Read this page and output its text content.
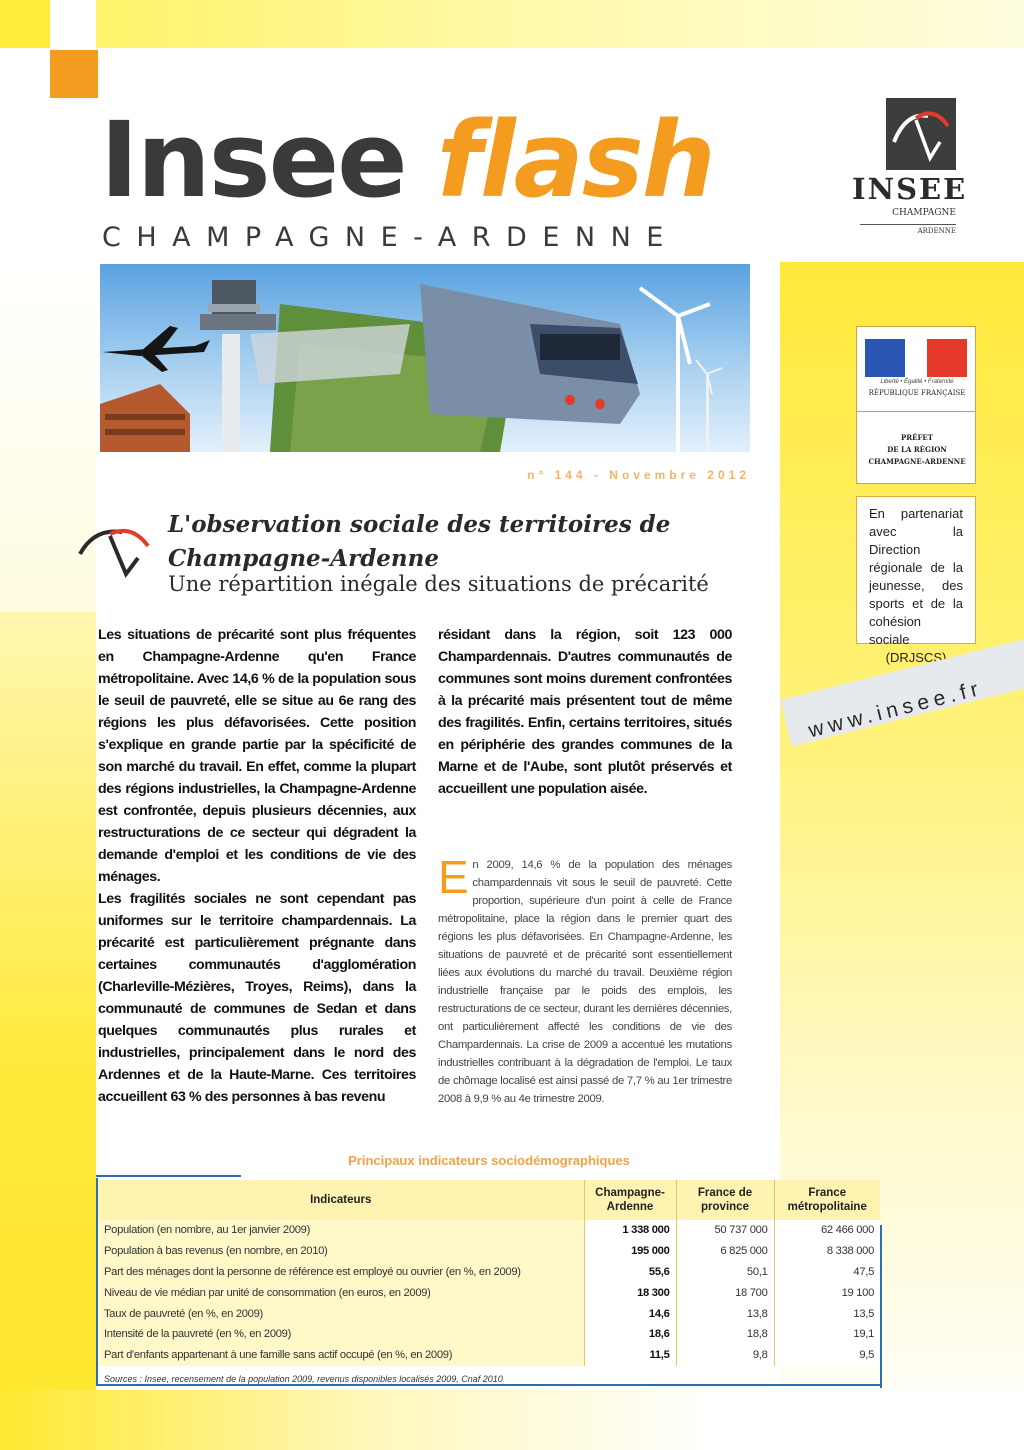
Insee flash
CHAMPAGNE-ARDENNE
INSEE
CHAMPAGNE
ARDENNE
n° 144 - Novembre 2012
Liberté • Égalité • Fraternité
RÉPUBLIQUE FRANÇAISE
PRÉFET
DE LA RÉGION
CHAMPAGNE-ARDENNE
En partenariat avec la Direction régionale de la jeunesse, des sports et de la cohésion sociale (DRJSCS)
www.insee.fr
L'observation sociale des territoires de Champagne-Ardenne
Une répartition inégale des situations de précarité

Les situations de précarité sont plus fréquentes en Champagne-Ardenne qu'en France métropolitaine. Avec 14,6 % de la population sous le seuil de pauvreté, elle se situe au 6e rang des régions les plus défavorisées. Cette position s'explique en grande partie par la spécificité de son marché du travail. En effet, comme la plupart des régions industrielles, la Champagne-Ardenne est confrontée, depuis plusieurs décennies, aux restructurations de ce secteur qui dégradent la demande d'emploi et les conditions de vie des ménages.

Les fragilités sociales ne sont cependant pas uniformes sur le territoire champardennais. La précarité est particulièrement prégnante dans certaines communautés d'agglomération (Charleville-Mézières, Troyes, Reims), dans la communauté de communes de Sedan et dans quelques communautés plus rurales et industrielles, principalement dans le nord des Ardennes et de la Haute-Marne. Ces territoires accueillent 63 % des personnes à bas revenu

résidant dans la région, soit 123 000 Champardennais. D'autres communautés de communes sont moins durement confrontées à la précarité mais présentent tout de même des fragilités. Enfin, certains territoires, situés en périphérie des grandes communes de la Marne et de l'Aube, sont plutôt préservés et accueillent une population aisée.

En 2009, 14,6 % de la population des ménages champardennais vit sous le seuil de pauvreté. Cette proportion, supérieure d'un point à celle de France métropolitaine, place la région dans le premier quart des régions les plus défavorisées. En Champagne-Ardenne, les situations de pauvreté et de précarité sont essentiellement liées aux évolutions du marché du travail. Deuxième région industrielle française par le poids des emplois, les restructurations de ce secteur, durant les dernières décennies, ont particulièrement affecté les conditions de vie des Champardennais. La crise de 2009 a accentué les mutations industrielles contribuant à la dégradation de l'emploi. Le taux de chômage localisé est ainsi passé de 7,7 % au 1er trimestre 2008 à 9,9 % au 4e trimestre 2009.
Principaux indicateurs sociodémographiques
Indicateurs	Champagne-Ardenne	France de province	France métropolitaine
Population (en nombre, au 1er janvier 2009)	1 338 000	50 737 000	62 466 000
Population à bas revenus (en nombre, en 2010)	195 000	6 825 000	8 338 000
Part des ménages dont la personne de référence est employé ou ouvrier (en %, en 2009)	55,6	50,1	47,5
Niveau de vie médian par unité de consommation (en euros, en 2009)	18 300	18 700	19 100
Taux de pauvreté (en %, en 2009)	14,6	13,8	13,5
Intensité de la pauvreté (en %, en 2009)	18,6	18,8	19,1
Part d'enfants appartenant à une famille sans actif occupé (en %, en 2009)	11,5	9,8	9,5
Sources : Insee, recensement de la population 2009, revenus disponibles localisés 2009, Cnaf 2010
